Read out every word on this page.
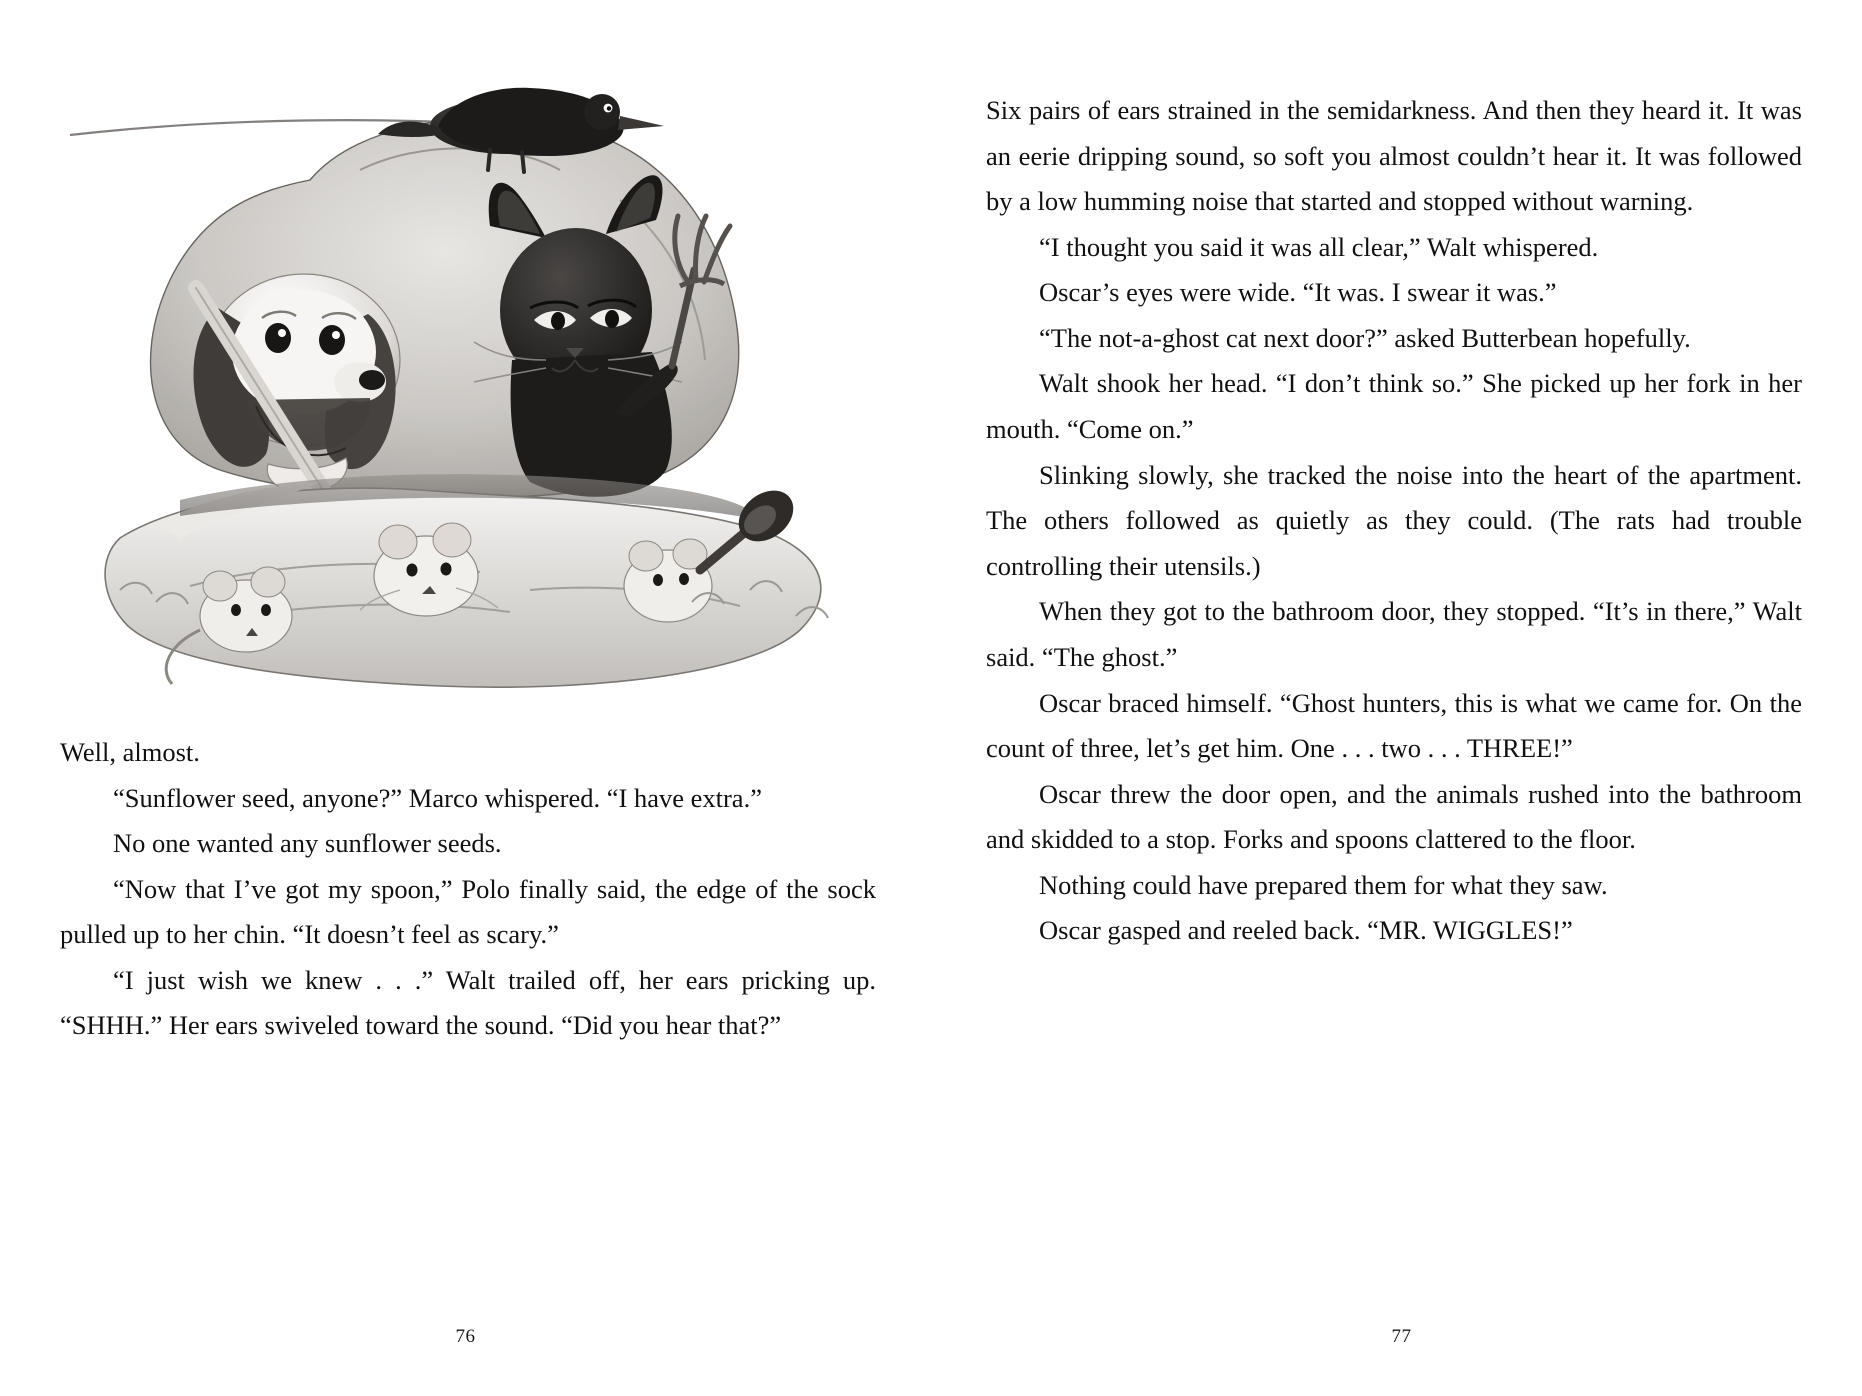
Well, almost.

“Sunflower seed, anyone?” Marco whispered. “I have extra.”

No one wanted any sunflower seeds.

“Now that I’ve got my spoon,” Polo finally said, the edge of the sock pulled up to her chin. “It doesn’t feel as scary.”

“I just wish we knew . . .” Walt trailed off, her ears pricking up. “SHHH.” Her ears swiveled toward the sound. “Did you hear that?”

76

Six pairs of ears strained in the semidarkness. And then they heard it. It was an eerie dripping sound, so soft you almost couldn’t hear it. It was followed by a low humming noise that started and stopped without warning.

“I thought you said it was all clear,” Walt whispered.

Oscar’s eyes were wide. “It was. I swear it was.”

“The not-a-ghost cat next door?” asked Butterbean hopefully.

Walt shook her head. “I don’t think so.” She picked up her fork in her mouth. “Come on.”

Slinking slowly, she tracked the noise into the heart of the apartment. The others followed as quietly as they could. (The rats had trouble controlling their utensils.)

When they got to the bathroom door, they stopped. “It’s in there,” Walt said. “The ghost.”

Oscar braced himself. “Ghost hunters, this is what we came for. On the count of three, let’s get him. One . . . two . . . THREE!”

Oscar threw the door open, and the animals rushed into the bathroom and skidded to a stop. Forks and spoons clattered to the floor.

Nothing could have prepared them for what they saw.

Oscar gasped and reeled back. “MR. WIGGLES!”

77
